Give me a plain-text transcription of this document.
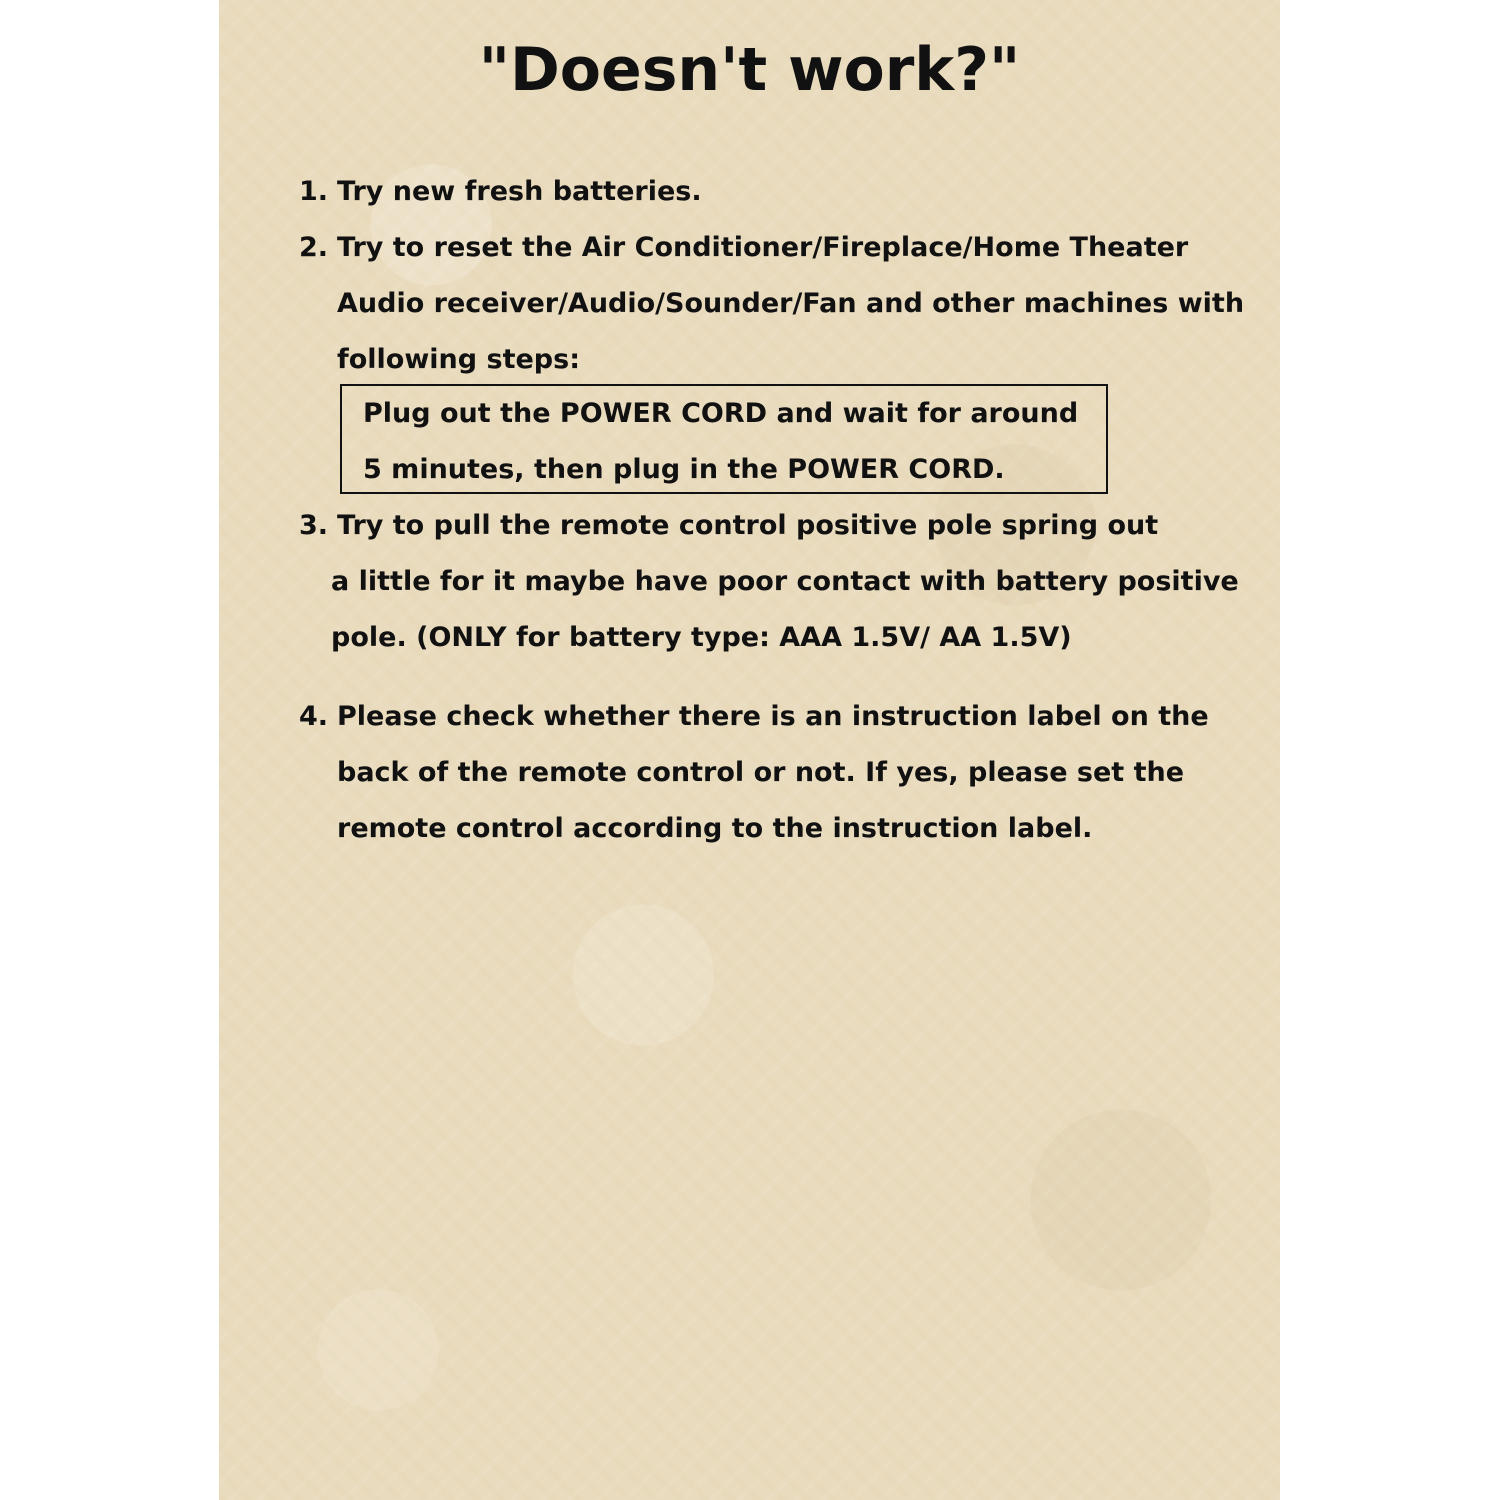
"Doesn't work?"
1. Try new fresh batteries.
2. Try to reset the Air Conditioner/Fireplace/Home Theater
Audio receiver/Audio/Sounder/Fan and other machines with
following steps:
Plug out the POWER CORD and wait for around
5 minutes, then plug in the POWER CORD.
3. Try to pull the remote control positive pole spring out
a little for it maybe have poor contact with battery positive
pole. (ONLY for battery type: AAA 1.5V/ AA 1.5V)
4. Please check whether there is an instruction label on the
back of the remote control or not. If yes, please set the
remote control according to the instruction label.
